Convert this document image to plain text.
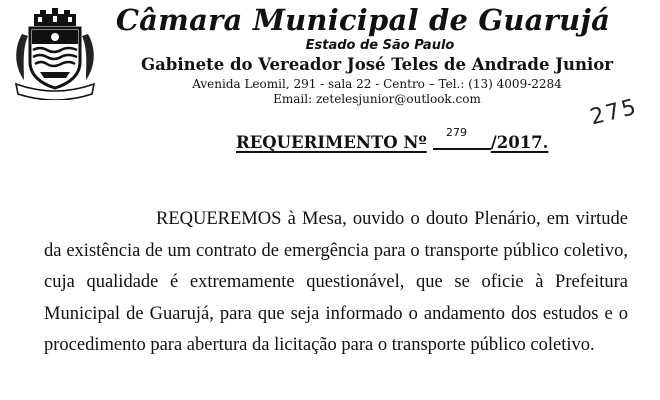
Câmara Municipal de Guarujá
Estado de São Paulo
Gabinete do Vereador José Teles de Andrade Junior
Avenida Leomil, 291 - sala 22 - Centro – Tel.: (13) 4009-2284
Email: zetelesjunior@outlook.com	275
REQUERIMENTO Nº
279
/2017.

REQUEREMOS à Mesa, ouvido o douto Plenário, em virtude da existência de um contrato de emergência para o transporte público coletivo, cuja qualidade é extremamente questionável, que se oficie à Prefeitura Municipal de Guarujá, para que seja informado o andamento dos estudos e o procedimento para abertura da licitação para o transporte público coletivo.
